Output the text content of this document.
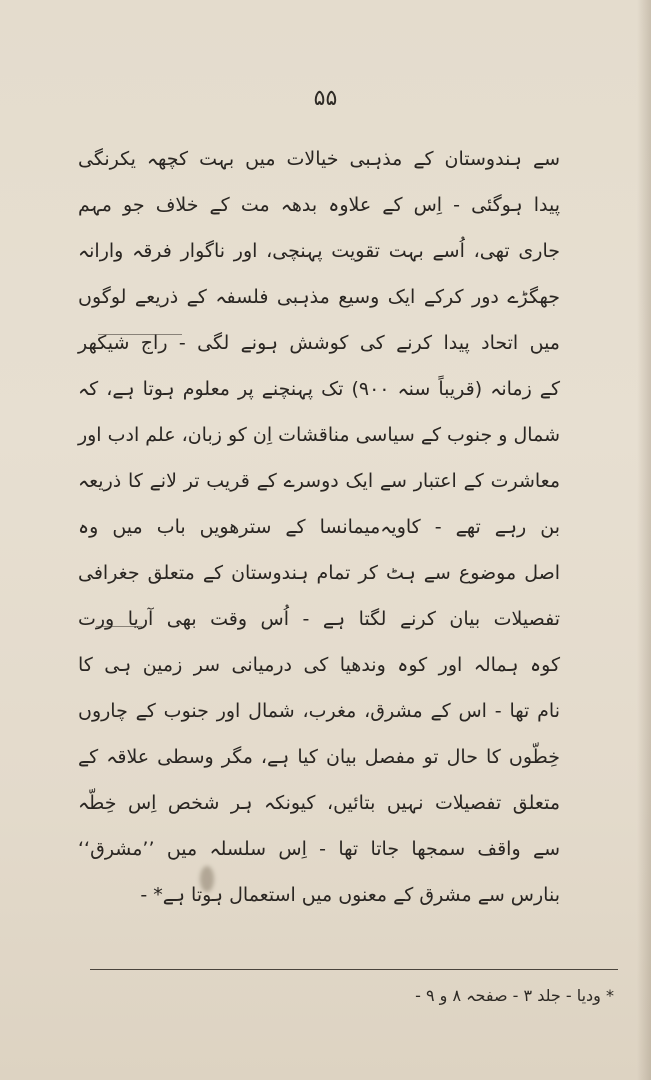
۵۵
سے ہندوستان کے مذہبی خیالات میں بہت کچھہ یکرنگی
پیدا ہوگئی - اِس کے علاوہ بدھہ مت کے خلاف جو مہم
جاری تھی، اُسے بہت تقویت پہنچی، اور ناگوار فرقہ وارانہ
جھگڑے دور کرکے ایک وسیع مذہبی فلسفہ کے ذریعے لوگوں
میں اتحاد پیدا کرنے کی کوشش ہونے لگی - راج شیکھر
کے زمانہ (قریباً سنہ ۹۰۰) تک پہنچنے پر معلوم ہوتا ہے، کہ
شمال و جنوب کے سیاسی مناقشات اِن کو زبان، علم ادب اور
معاشرت کے اعتبار سے ایک دوسرے کے قریب تر لانے کا ذریعہ
بن رہے تھے - کاویہ‌میمانسا کے سترھویں باب میں وہ
اصل موضوع سے ہٹ کر تمام ہندوستان کے متعلق جغرافی
تفصیلات بیان کرنے لگتا ہے - اُس وقت بھی آریا ورت
کوہ ہمالہ اور کوہ وندھیا کی درمیانی سر زمین ہی کا
نام تھا - اس کے مشرق، مغرب، شمال اور جنوب کے چاروں
خِطّوں کا حال تو مفصل بیان کیا ہے، مگر وسطی علاقہ کے
متعلق تفصیلات نہیں بتائیں، کیونکہ ہر شخص اِس خِطّہ
سے واقف سمجھا جاتا تھا - اِس سلسلہ میں ’’مشرق‘‘
بنارس سے مشرق کے معنوں میں استعمال ہوتا ہے* -
* ودیا - جلد ۳ - صفحہ ۸ و ۹ -
